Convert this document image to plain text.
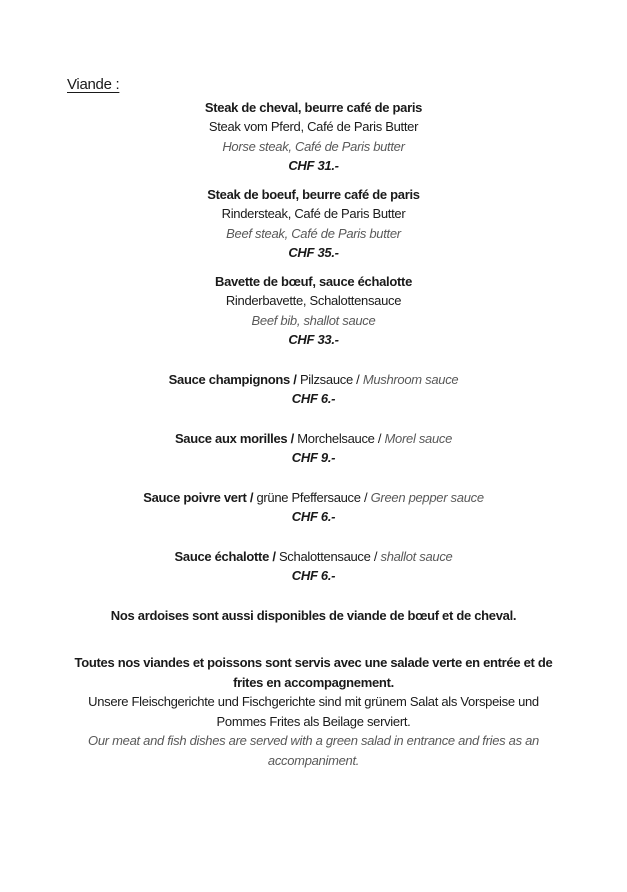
Viande :
Steak de cheval, beurre café de paris
Steak vom Pferd, Café de Paris Butter
Horse steak, Café de Paris butter
CHF 31.-
Steak de boeuf, beurre café de paris
Rindersteak, Café de Paris Butter
Beef steak, Café de Paris butter
CHF 35.-
Bavette de bœuf, sauce échalotte
Rinderbavette, Schalottensauce
Beef bib, shallot sauce
CHF 33.-
Sauce champignons / Pilzsauce / Mushroom sauce
CHF 6.-
Sauce aux morilles / Morchelsauce / Morel sauce
CHF 9.-
Sauce poivre vert / grüne Pfeffersauce / Green pepper sauce
CHF 6.-
Sauce échalotte / Schalottensauce / shallot sauce
CHF 6.-
Nos ardoises sont aussi disponibles de viande de bœuf et de cheval.
Toutes nos viandes et poissons sont servis avec une salade verte en entrée et de frites en accompagnement.
Unsere Fleischgerichte und Fischgerichte sind mit grünem Salat als Vorspeise und Pommes Frites als Beilage serviert.
Our meat and fish dishes are served with a green salad in entrance and fries as an accompaniment.
